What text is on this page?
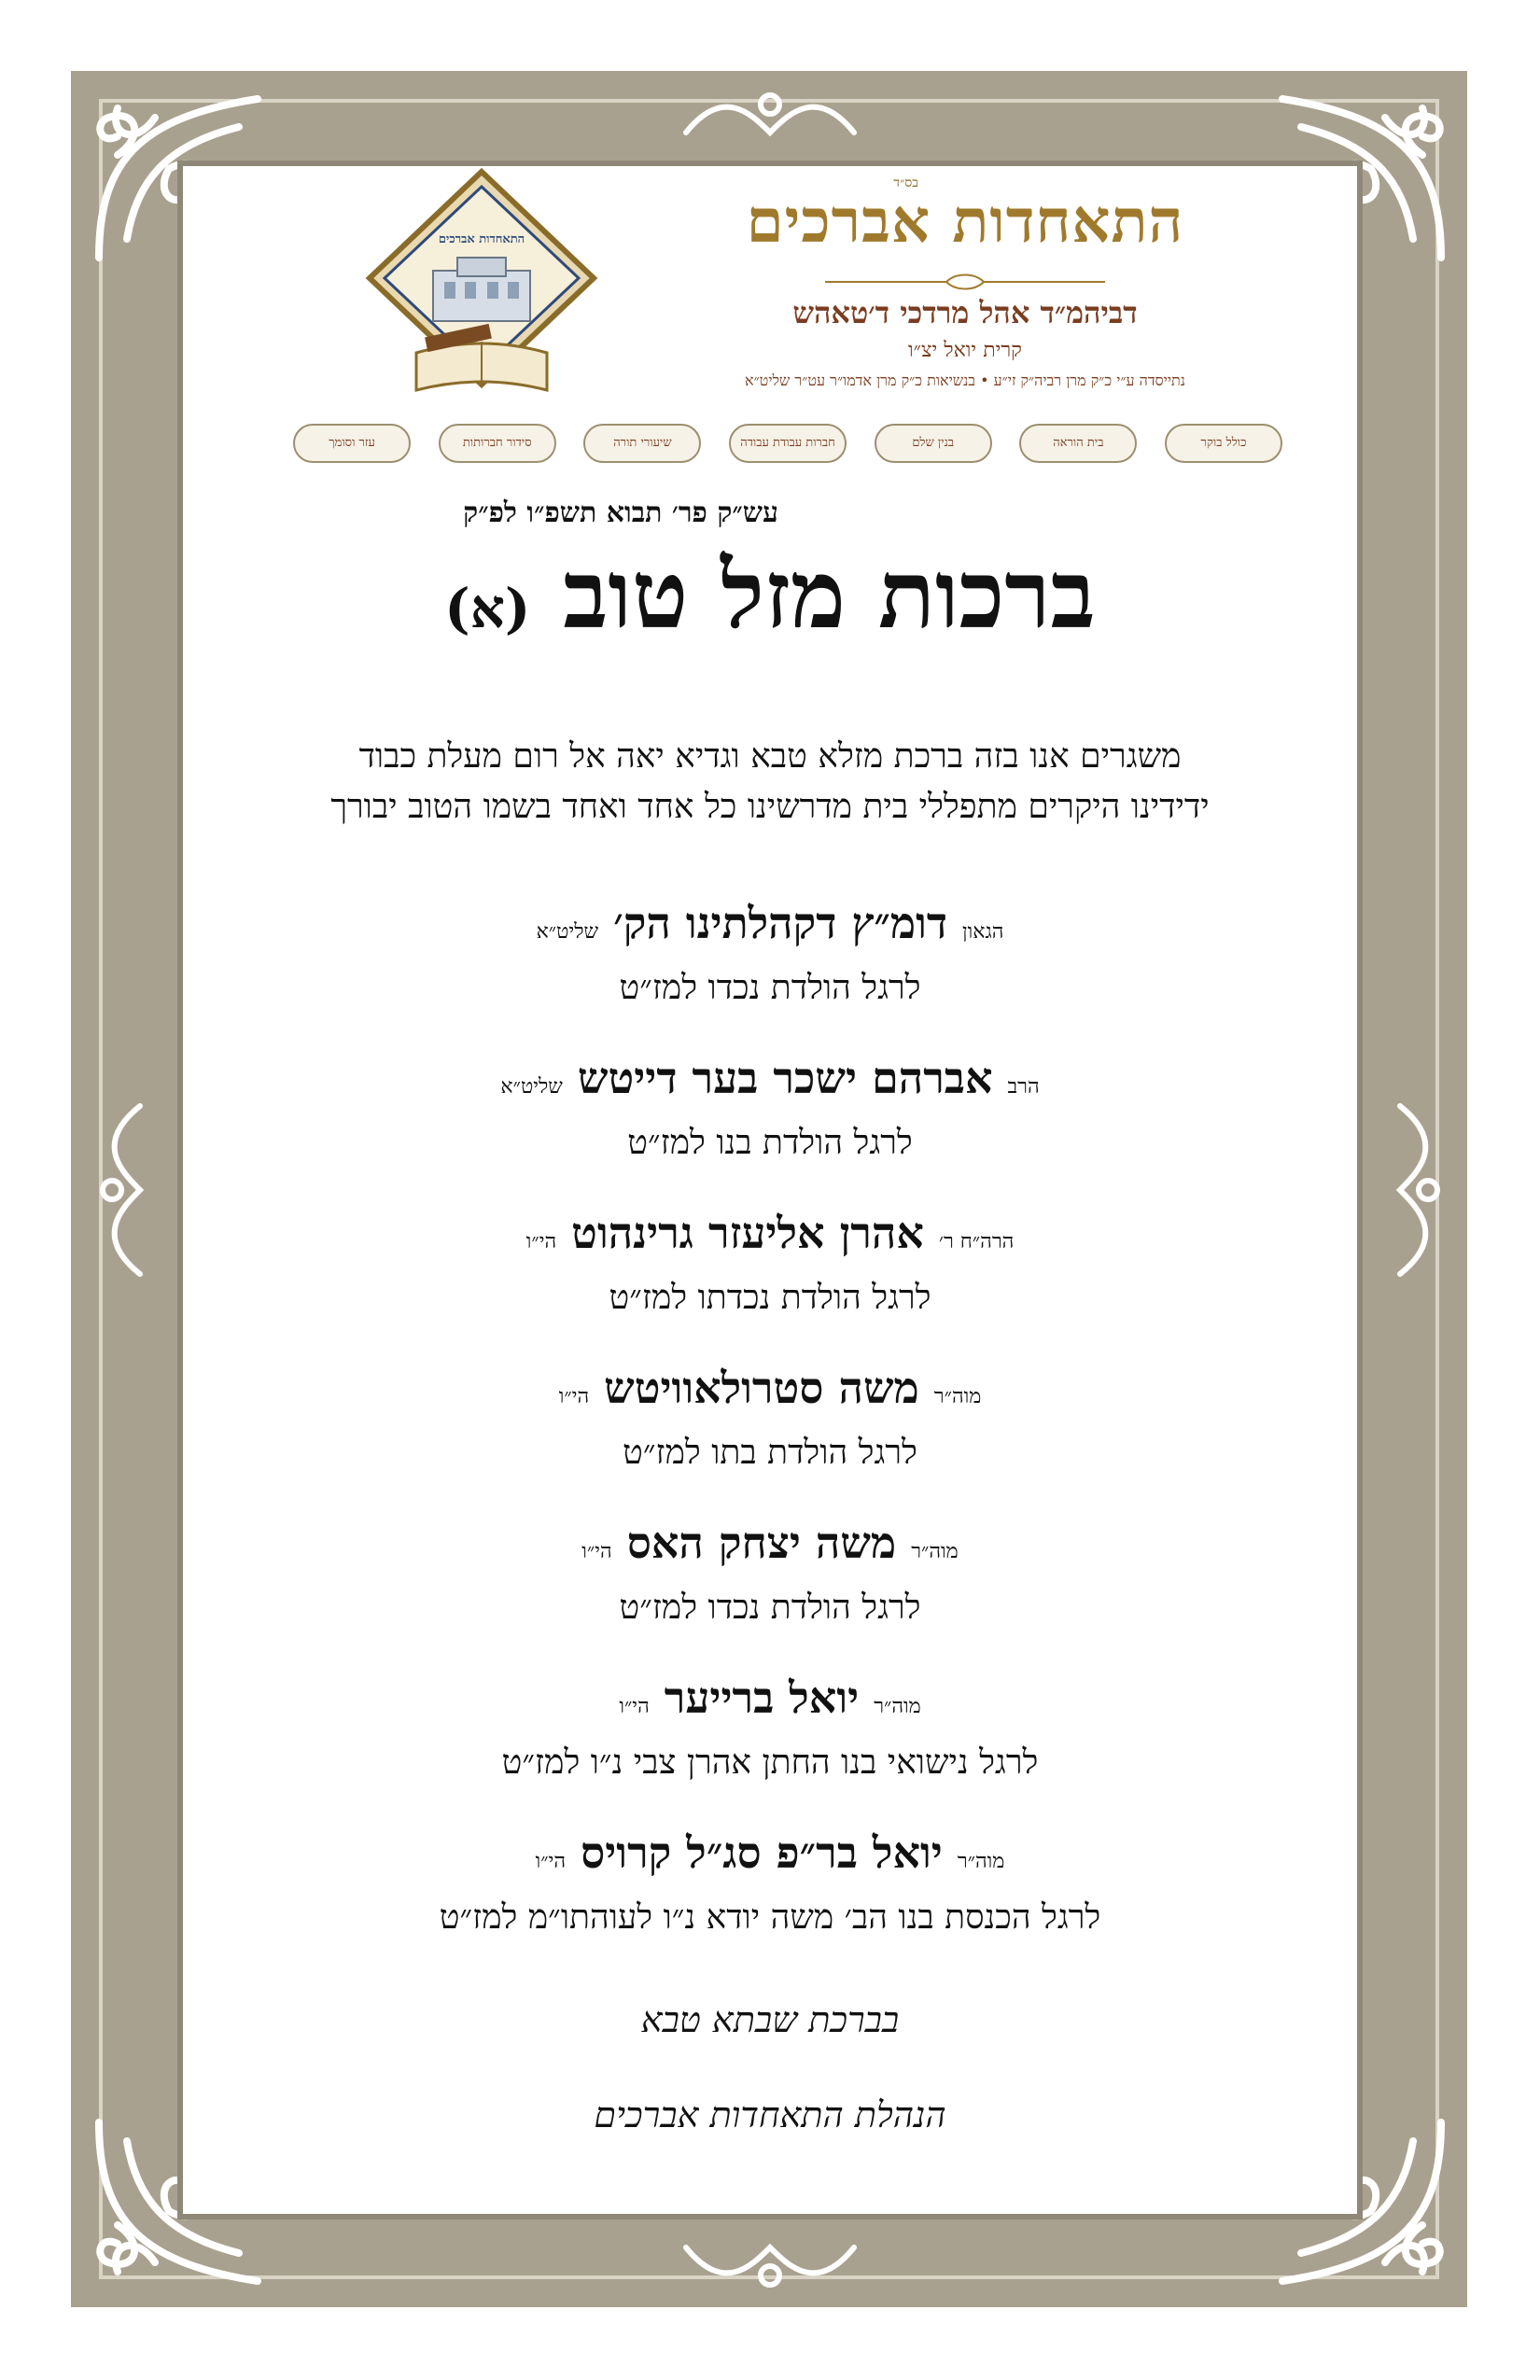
בס״ד
התאחדות אברכים
דביהמ״ד אהל מרדכי ד׳טאהש
קרית יואל יצ״ו
נתייסדה ע״י כ״ק מרן רביה״ק זי״ע • בנשיאות כ״ק מרן אדמו״ר עט״ר שליט״א
התאחדות אברכים
כולל בוקר
בית הוראה
בנין שלם
חברות עבודת עבודה
שיעורי תורה
סידור חברותות
עזר וסומך
עש״ק פר׳ תבוא תשפ״ו לפ״ק
ברכות מזל טוב (א)
משגרים אנו בזה ברכת מזלא טבא וגדיא יאה אל רום מעלת כבוד
ידידינו היקרים מתפללי בית מדרשינו כל אחד ואחד בשמו הטוב יבורך
הגאון דומ״ץ דקהלתינו הק׳ שליט״א
לרגל הולדת נכדו למז״ט
הרב אברהם ישכר בער דייטש שליט״א
לרגל הולדת בנו למז״ט
הרה״ח ר׳ אהרן אליעזר גרינהוט הי״ו
לרגל הולדת נכדתו למז״ט
מוה״ר משה סטרולאוויטש הי״ו
לרגל הולדת בתו למז״ט
מוה״ר משה יצחק האס הי״ו
לרגל הולדת נכדו למז״ט
מוה״ר יואל ברייער הי״ו
לרגל נישואי בנו החתן אהרן צבי נ״ו למז״ט
מוה״ר יואל בר״פ סג״ל קרויס הי״ו
לרגל הכנסת בנו הב׳ משה יודא נ״ו לעוהתו״מ למז״ט
בברכת שבתא טבא
הנהלת התאחדות אברכים
